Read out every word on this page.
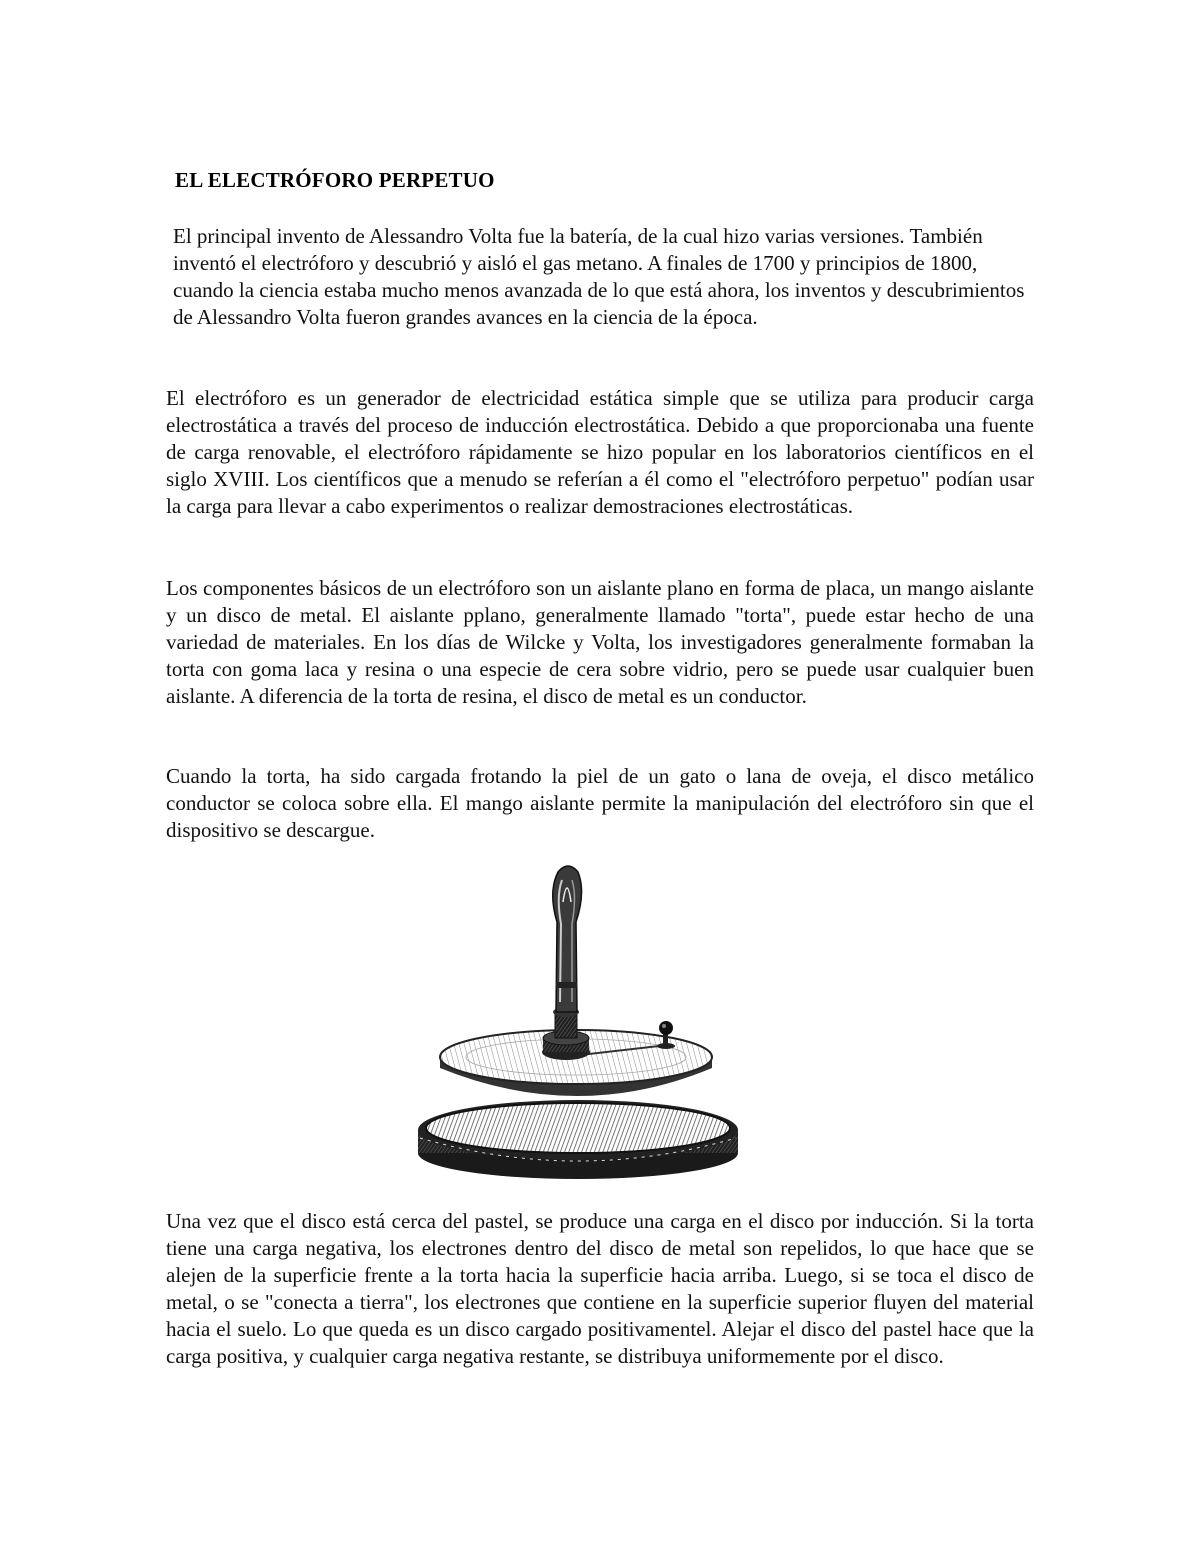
EL ELECTRÓFORO PERPETUO

El principal invento de Alessandro Volta fue la batería, de la cual hizo varias versiones. También inventó el electróforo y descubrió y aisló el gas metano. A finales de 1700 y principios de 1800, cuando la ciencia estaba mucho menos avanzada de lo que está ahora, los inventos y descubrimientos de Alessandro Volta fueron grandes avances en la ciencia de la época.

El electróforo es un generador de electricidad estática simple que se utiliza para producir carga electrostática a través del proceso de inducción electrostática. Debido a que proporcionaba una fuente de carga renovable, el electróforo rápidamente se hizo popular en los laboratorios científicos en el siglo XVIII. Los científicos que a menudo se referían a él como el "electróforo perpetuo" podían usar la carga para llevar a cabo experimentos o realizar demostraciones electrostáticas.

Los componentes básicos de un electróforo son un aislante plano en forma de placa, un mango aislante y un disco de metal. El aislante pplano, generalmente llamado "torta", puede estar hecho de una variedad de materiales. En los días de Wilcke y Volta, los investigadores generalmente formaban la torta con goma laca y resina o una especie de cera sobre vidrio, pero se puede usar cualquier buen aislante. A diferencia de la torta de resina, el disco de metal es un conductor.

Cuando la torta, ha sido cargada frotando la piel de un gato o lana de oveja, el disco metálico conductor se coloca sobre ella. El mango aislante permite la manipulación del electróforo sin que el dispositivo se descargue.

Una vez que el disco está cerca del pastel, se produce una carga en el disco por inducción. Si la torta tiene una carga negativa, los electrones dentro del disco de metal son repelidos, lo que hace que se alejen de la superficie frente a la torta hacia la superficie hacia arriba. Luego, si se toca el disco de metal, o se "conecta a tierra", los electrones que contiene en la superficie superior fluyen del material hacia el suelo. Lo que queda es un disco cargado positivamentel. Alejar el disco del pastel hace que la carga positiva, y cualquier carga negativa restante, se distribuya uniformemente por el disco.
